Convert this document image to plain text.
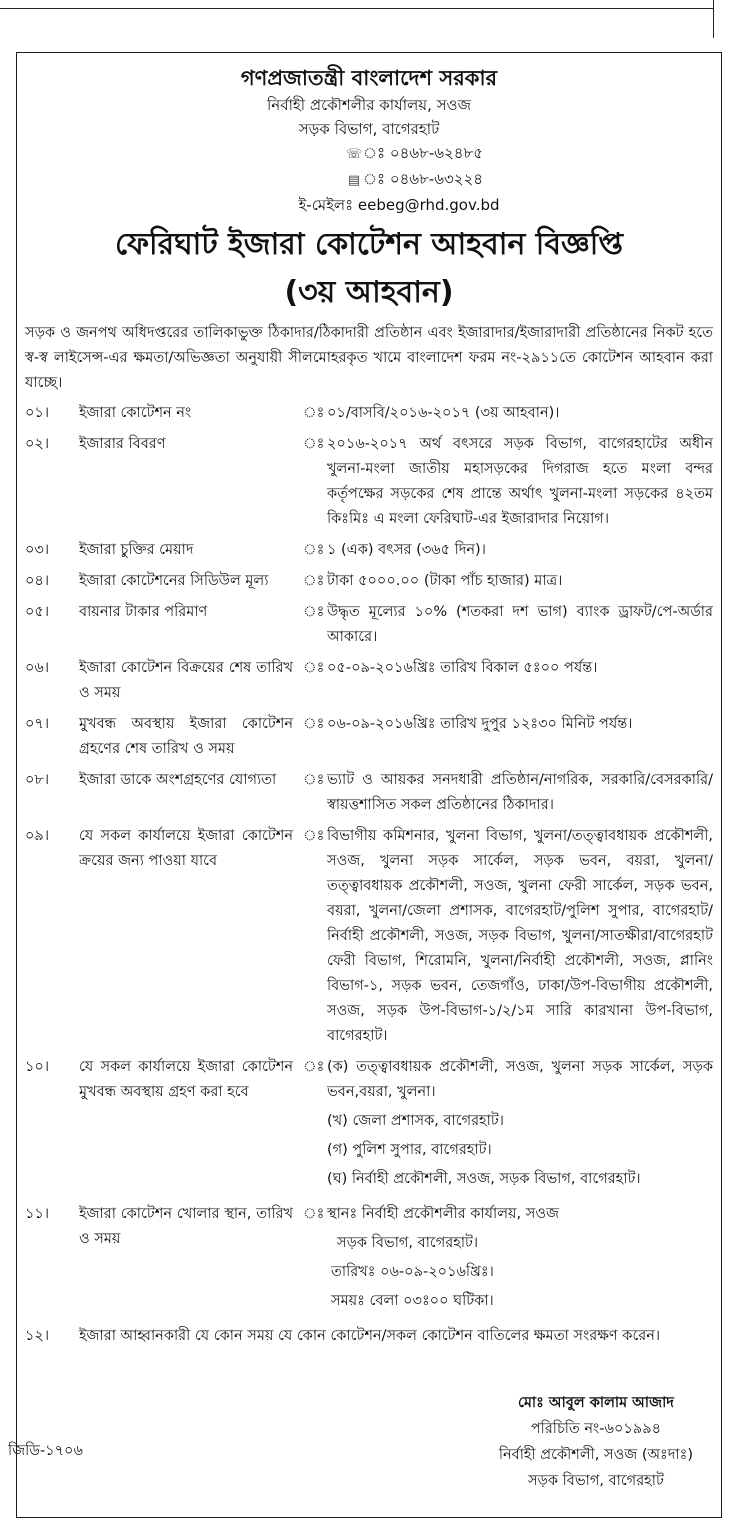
গণপ্রজাতন্ত্রী বাংলাদেশ সরকার
নির্বাহী প্রকৌশলীর কার্যালয়, সওজ
সড়ক বিভাগ, বাগেরহাট
☏ঃ ০৪৬৮-৬২৪৮৫
▤ ঃ ০৪৬৮-৬৩২২৪
ই-মেইলঃ eebeg@rhd.gov.bd
ফেরিঘাট ইজারা কোটেশন আহবান বিজ্ঞপ্তি
(৩য় আহবান)
সড়ক ও জনপথ অধিদপ্তরের তালিকাভুক্ত ঠিকাদার/ঠিকাদারী প্রতিষ্ঠান এবং ইজারাদার/ইজারাদারী প্রতিষ্ঠানের নিকট হতে স্ব-স্ব লাইসেন্স-এর ক্ষমতা/অভিজ্ঞতা অনুযায়ী সীলমোহরকৃত খামে বাংলাদেশ ফরম নং-২৯১১তে কোটেশন আহবান করা যাচ্ছে।
০১।	ইজারা কোটেশন নং	ঃ ০১/বাসবি/২০১৬-২০১৭ (৩য় আহবান)।
০২।	ইজারার বিবরণ	ঃ ২০১৬-২০১৭ অর্থ বৎসরে সড়ক বিভাগ, বাগেরহাটের অধীন খুলনা-মংলা জাতীয় মহাসড়কের দিগরাজ হতে মংলা বন্দর কর্তৃপক্ষের সড়কের শেষ প্রান্তে অর্থাৎ খুলনা-মংলা সড়কের ৪২তম কিঃমিঃ এ মংলা ফেরিঘাট-এর ইজারাদার নিয়োগ।
০৩।	ইজারা চুক্তির মেয়াদ	ঃ ১ (এক) বৎসর (৩৬৫ দিন)।
০৪।	ইজারা কোটেশনের সিডিউল মূল্য	ঃ টাকা ৫০০০.০০ (টাকা পাঁচ হাজার) মাত্র।
০৫।	বায়নার টাকার পরিমাণ	ঃ উদ্ধৃত মূল্যের ১০% (শতকরা দশ ভাগ) ব্যাংক ড্রাফট/পে-অর্ডার আকারে।
০৬।	ইজারা কোটেশন বিক্রয়ের শেষ তারিখ ও সময়
ঃ ০৫-০৯-২০১৬খ্রিঃ তারিখ বিকাল ৫ঃ০০ পর্যন্ত।
০৭।	মুখবন্ধ অবস্থায় ইজারা কোটেশন গ্রহণের শেষ তারিখ ও সময়
ঃ ০৬-০৯-২০১৬খ্রিঃ তারিখ দুপুর ১২ঃ৩০ মিনিট পর্যন্ত।
০৮।	ইজারা ডাকে অংশগ্রহণের যোগ্যতা	ঃ ভ্যাট ও আয়কর সনদধারী প্রতিষ্ঠান/নাগরিক, সরকারি/বেসরকারি/স্বায়ত্তশাসিত সকল প্রতিষ্ঠানের ঠিকাদার।
০৯।	যে সকল কার্যালয়ে ইজারা কোটেশন ক্রয়ের জন্য পাওয়া যাবে
ঃ বিভাগীয় কমিশনার, খুলনা বিভাগ, খুলনা/তত্ত্বাবধায়ক প্রকৌশলী, সওজ, খুলনা সড়ক সার্কেল, সড়ক ভবন, বয়রা, খুলনা/তত্ত্বাবধায়ক প্রকৌশলী, সওজ, খুলনা ফেরী সার্কেল, সড়ক ভবন, বয়রা, খুলনা/জেলা প্রশাসক, বাগেরহাট/পুলিশ সুপার, বাগেরহাট/নির্বাহী প্রকৌশলী, সওজ, সড়ক বিভাগ, খুলনা/সাতক্ষীরা/বাগেরহাট ফেরী বিভাগ, শিরোমনি, খুলনা/নির্বাহী প্রকৌশলী, সওজ, প্লানিং বিভাগ-১, সড়ক ভবন, তেজগাঁও, ঢাকা/উপ-বিভাগীয় প্রকৌশলী, সওজ, সড়ক উপ-বিভাগ-১/২/১ম সারি কারখানা উপ-বিভাগ, বাগেরহাট।
১০।	যে সকল কার্যালয়ে ইজারা কোটেশন মুখবন্ধ অবস্থায় গ্রহণ করা হবে
ঃ (ক) তত্ত্বাবধায়ক প্রকৌশলী, সওজ, খুলনা সড়ক সার্কেল, সড়ক ভবন,বয়রা, খুলনা।
(খ) জেলা প্রশাসক, বাগেরহাট।
(গ) পুলিশ সুপার, বাগেরহাট।
(ঘ) নির্বাহী প্রকৌশলী, সওজ, সড়ক বিভাগ, বাগেরহাট।
১১।	ইজারা কোটেশন খোলার স্থান, তারিখ ও সময়
ঃ স্থানঃ নির্বাহী প্রকৌশলীর কার্যালয়, সওজ
সড়ক বিভাগ, বাগেরহাট।
তারিখঃ ০৬-০৯-২০১৬খ্রিঃ।
সময়ঃ বেলা ০৩ঃ০০ ঘটিকা।
১২।	ইজারা আহ্বানকারী যে কোন সময় যে কোন কোটেশন/সকল কোটেশন বাতিলের ক্ষমতা সংরক্ষণ করেন।
জিডি-১৭০৬
মোঃ আবুল কালাম আজাদ
পরিচিতি নং-৬০১৯৯৪
নির্বাহী প্রকৌশলী, সওজ (অঃদাঃ)
সড়ক বিভাগ, বাগেরহাট
